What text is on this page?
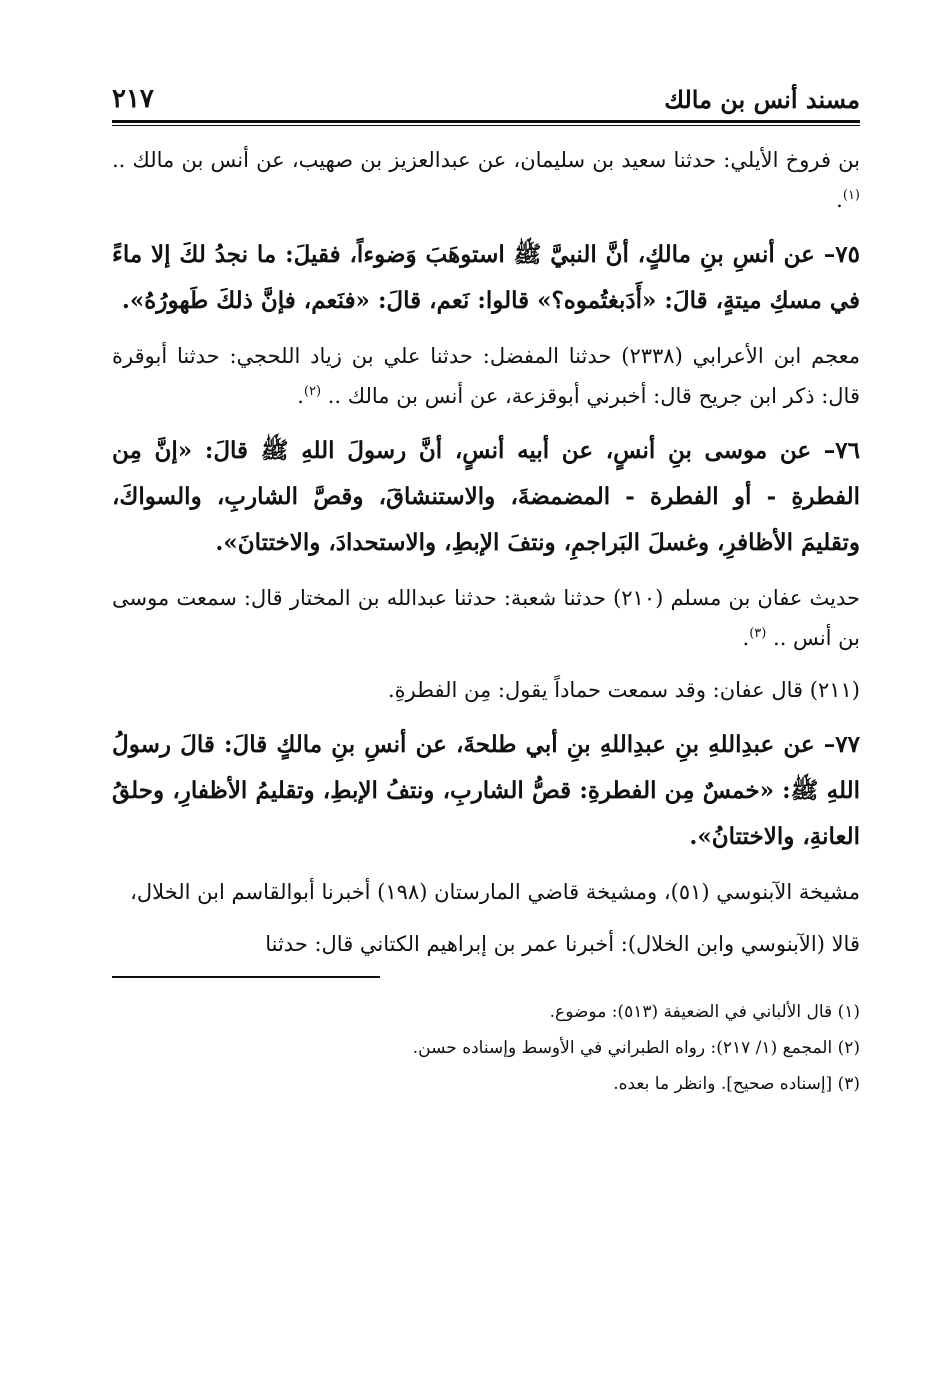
مسند أنس بن مالك
٢١٧

بن فروخ الأيلي: حدثنا سعيد بن سليمان، عن عبدالعزيز بن صهيب، عن أنس بن مالك .. $^{(١)}$.

٧٥– عن أنسِ بنِ مالكٍ، أنَّ النبيَّ ﷺ استوهَبَ وَضوءاً، فقيلَ: ما نجدُ لكَ إلا ماءً في مسكِ ميتةٍ، قالَ: «أَدَبغتُموه؟» قالوا: نَعم، قالَ: «فنَعم، فإنَّ ذلكَ طَهورُهُ».

معجم ابن الأعرابي (٢٣٣٨) حدثنا المفضل: حدثنا علي بن زياد اللحجي: حدثنا أبوقرة قال: ذكر ابن جريح قال: أخبرني أبوقزعة، عن أنس بن مالك .. $^{(٢)}$.

٧٦– عن موسى بنِ أنسٍ، عن أبيه أنسٍ، أنَّ رسولَ اللهِ ﷺ قالَ: «إنَّ مِن الفطرةِ - أو الفطرة - المضمضةَ، والاستنشاقَ، وقصَّ الشاربِ، والسواكَ، وتقليمَ الأظافرِ، وغسلَ البَراجمِ، ونتفَ الإبطِ، والاستحدادَ، والاختتانَ».

حديث عفان بن مسلم (٢١٠) حدثنا شعبة: حدثنا عبدالله بن المختار قال: سمعت موسى بن أنس .. $^{(٣)}$.

(٢١١) قال عفان: وقد سمعت حماداً يقول: مِن الفطرةِ.

٧٧– عن عبدِاللهِ بنِ عبدِاللهِ بنِ أبي طلحةَ، عن أنسِ بنِ مالكٍ قالَ: قالَ رسولُ اللهِ ﷺ: «خمسٌ مِن الفطرةِ: قصُّ الشاربِ، ونتفُ الإبطِ، وتقليمُ الأظفارِ، وحلقُ العانةِ، والاختتانُ».

مشيخة الآبنوسي (٥١)، ومشيخة قاضي المارستان (١٩٨) أخبرنا أبوالقاسم ابن الخلال،

قالا (الآبنوسي وابن الخلال): أخبرنا عمر بن إبراهيم الكتاني قال: حدثنا

(١) قال الألباني في الضعيفة (٥١٣): موضوع.

(٢) المجمع (١/ ٢١٧): رواه الطبراني في الأوسط وإسناده حسن.

(٣) [إسناده صحيح]. وانظر ما بعده.
